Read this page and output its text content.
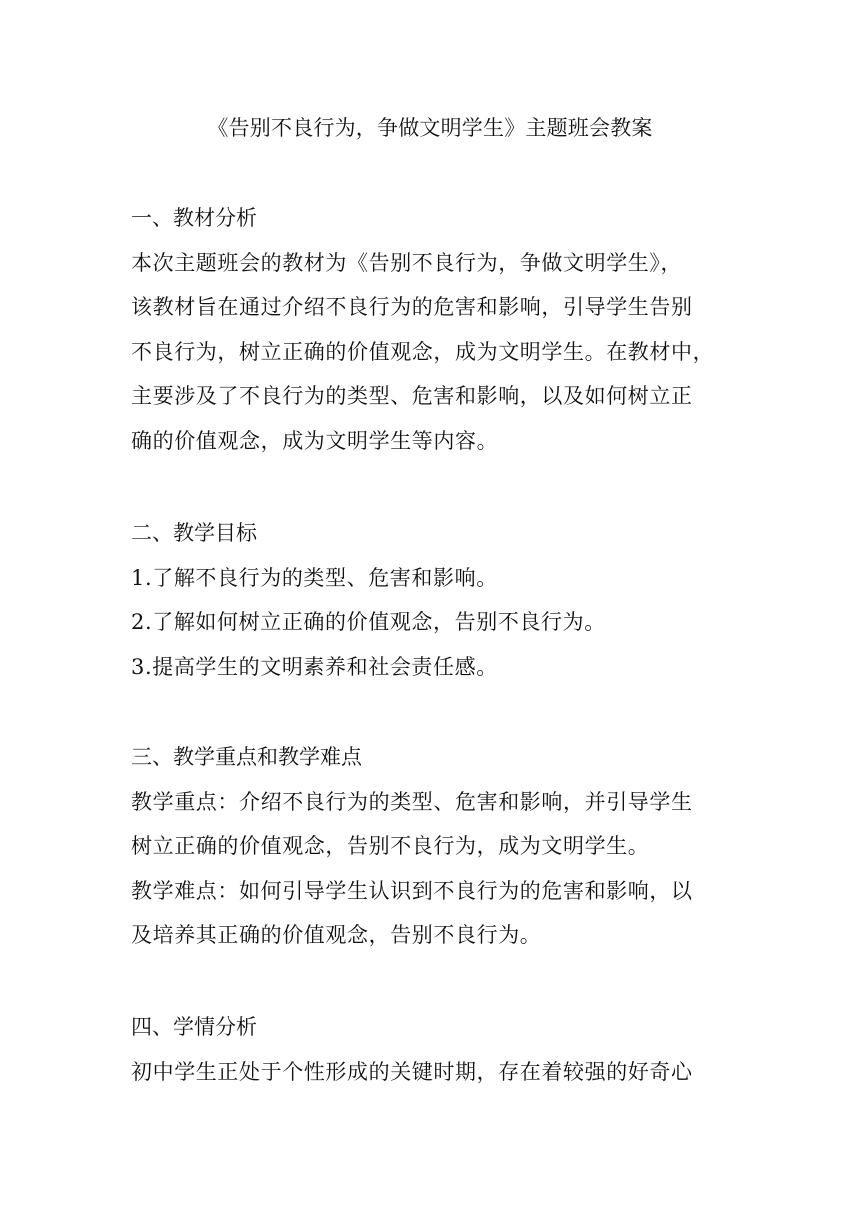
《告别不良行为，争做文明学生》主题班会教案
一、教材分析

本次主题班会的教材为《告别不良行为，争做文明学生》，

该教材旨在通过介绍不良行为的危害和影响，引导学生告别

不良行为，树立正确的价值观念，成为文明学生。在教材中，

主要涉及了不良行为的类型、危害和影响，以及如何树立正

确的价值观念，成为文明学生等内容。

二、教学目标

1.了解不良行为的类型、危害和影响。

2.了解如何树立正确的价值观念，告别不良行为。

3.提高学生的文明素养和社会责任感。

三、教学重点和教学难点

教学重点：介绍不良行为的类型、危害和影响，并引导学生

树立正确的价值观念，告别不良行为，成为文明学生。

教学难点：如何引导学生认识到不良行为的危害和影响，以

及培养其正确的价值观念，告别不良行为。

四、学情分析

初中学生正处于个性形成的关键时期，存在着较强的好奇心
